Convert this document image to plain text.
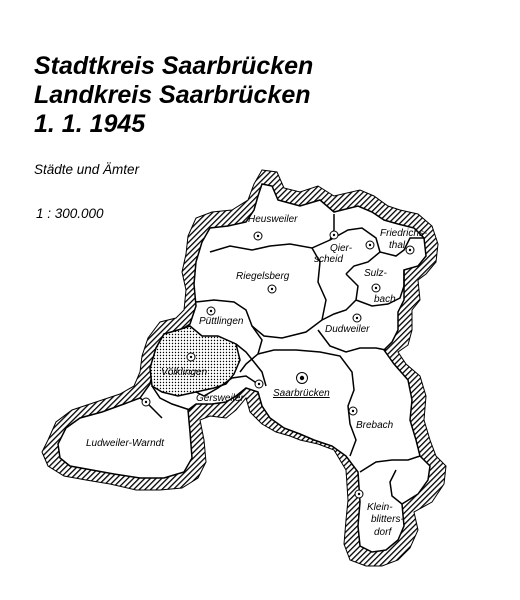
Stadtkreis Saarbrücken
Landkreis Saarbrücken
1. 1. 1945
Städte und Ämter
1 : 300.000	Heusweiler
Qier-
scheid
Friedrichs-
thal
Riegelsberg	Sulz-
bach
Püttlingen
Dudweiler
Völklingen
Saarbrücken
Gersweiler
Brebach
Ludweiler-Warndt
Klein-
blitters-
dorf
